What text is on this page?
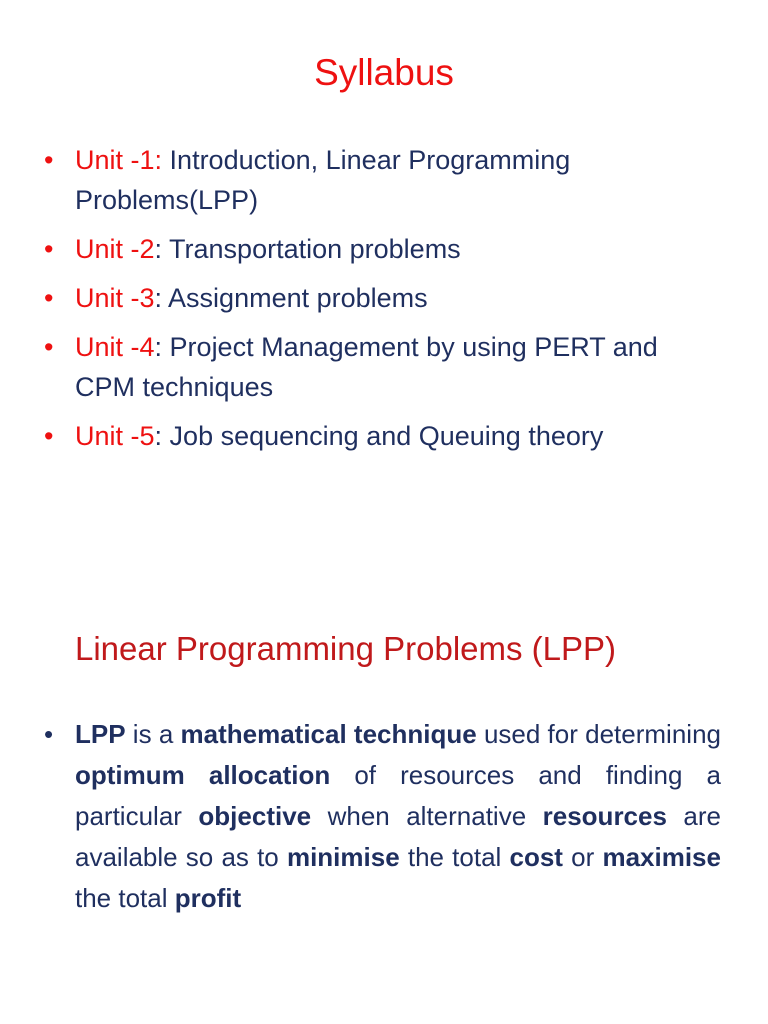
Syllabus
• Unit -1: Introduction, Linear Programming Problems(LPP)
• Unit -2: Transportation problems
• Unit -3: Assignment problems
• Unit -4: Project Management by using PERT and CPM techniques
• Unit -5: Job sequencing and Queuing theory
Linear Programming Problems (LPP)
• LPP is a mathematical technique used for determining optimum allocation of resources and finding a particular objective when alternative resources are available so as to minimise the total cost or maximise the total profit
